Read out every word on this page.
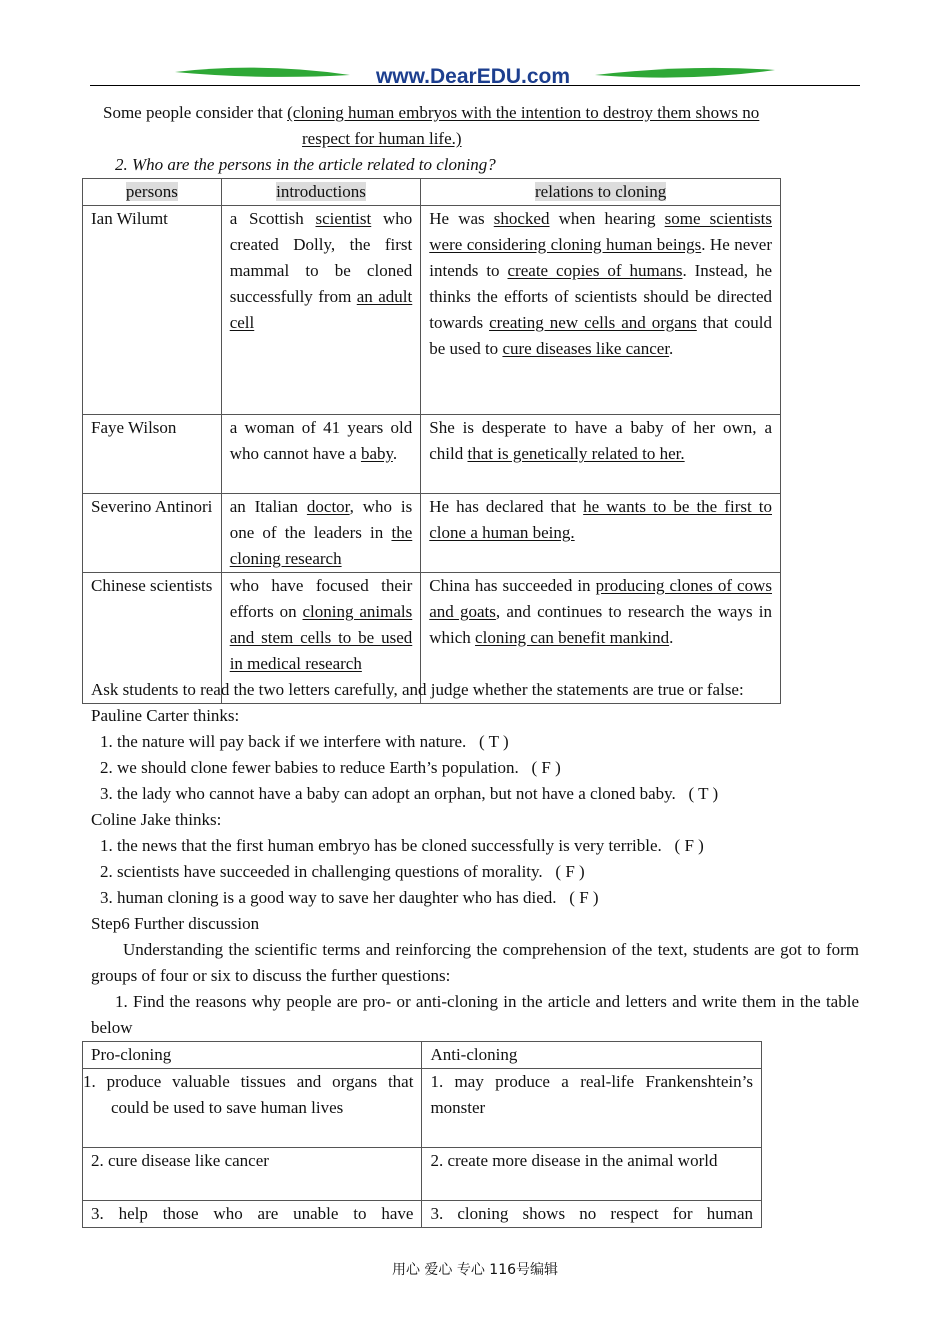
www.DearEDU.com
Some people consider that (cloning human embryos with the intention to destroy them shows no
respect for human life.)
2. Who are the persons in the article related to cloning?
persons	introductions	relations to cloning
Ian Wilumt	a Scottish scientist who created Dolly, the first mammal to be cloned successfully from an adult cell	He was shocked when hearing some scientists were considering cloning human beings. He never intends to create copies of humans. Instead, he thinks the efforts of scientists should be directed towards creating new cells and organs that could be used to cure diseases like cancer.
Faye Wilson	a woman of 41 years old who cannot have a baby.	She is desperate to have a baby of her own, a child that is genetically related to her.
Severino Antinori	an Italian doctor, who is one of the leaders in the cloning research	He has declared that he wants to be the first to clone a human being.
Chinese scientists	who have focused their efforts on cloning animals and stem cells to be used in medical research	China has succeeded in producing clones of cows and goats, and continues to research the ways in which cloning can benefit mankind.
Ask students to read the two letters carefully, and judge whether the statements are true or false:
Pauline Carter thinks:
1. the nature will pay back if we interfere with nature.   ( T )
2. we should clone fewer babies to reduce Earth’s population.   ( F )
3. the lady who cannot have a baby can adopt an orphan, but not have a cloned baby.   ( T )
Coline Jake thinks:
1. the news that the first human embryo has be cloned successfully is very terrible.   ( F )
2. scientists have succeeded in challenging questions of morality.   ( F )
3. human cloning is a good way to save her daughter who has died.   ( F )
Step6 Further discussion
Understanding the scientific terms and reinforcing the comprehension of the text, students are got to form groups of four or six to discuss the further questions:
1. Find the reasons why people are pro- or anti-cloning in the article and letters and write them in the table below
Pro-cloning	Anti-cloning
1. produce valuable tissues and organs that could be used to save human lives	1. may produce a real-life Frankenshtein’s monster
2. cure disease like cancer	2. create more disease in the animal world
3. help those who are unable to have	3. cloning shows no respect for human
用心 爱心 专心 116号编辑
